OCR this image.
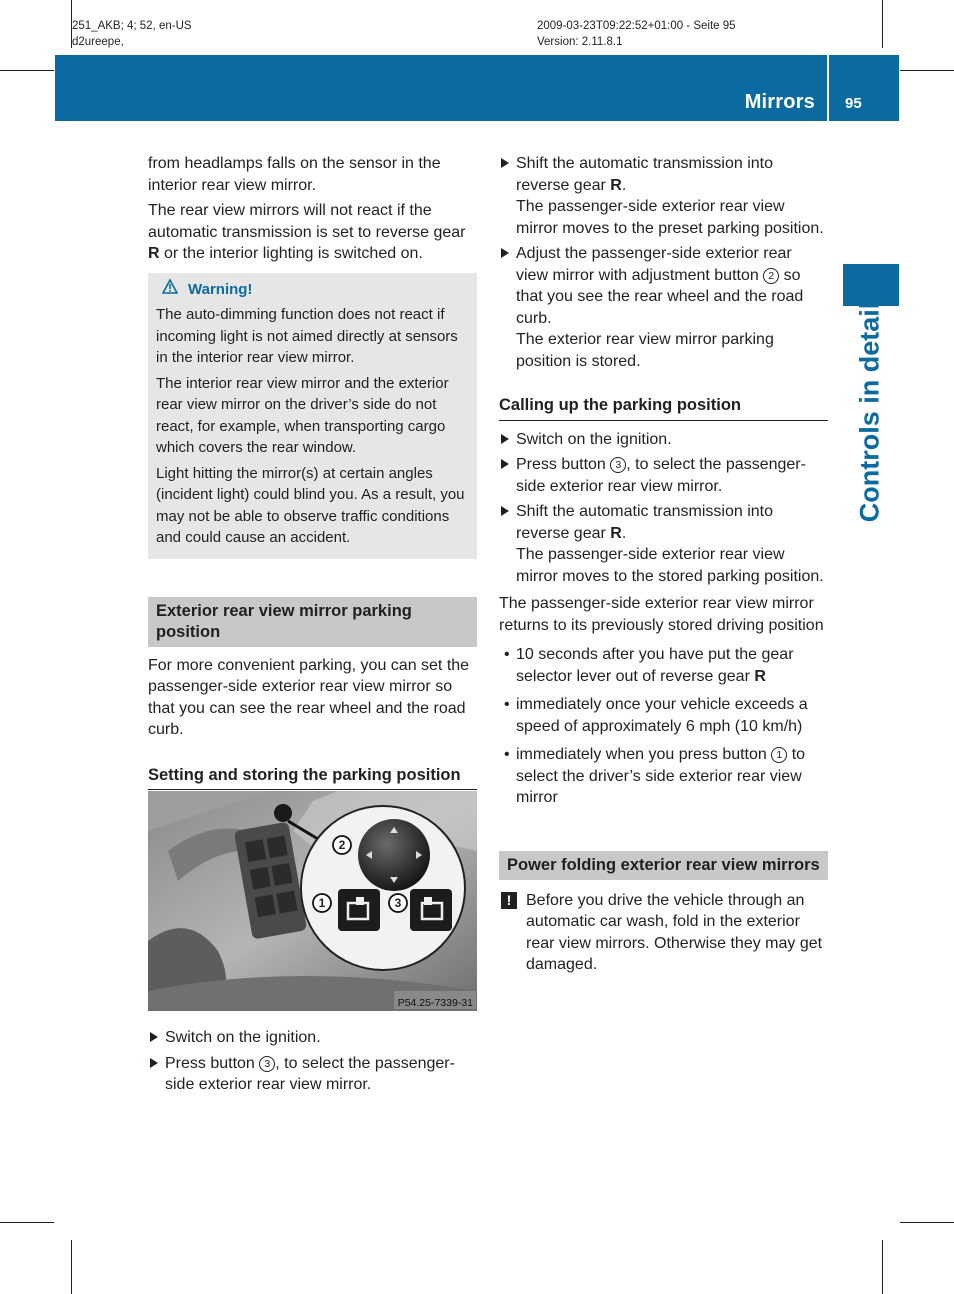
251_AKB; 4; 52, en-US
d2ureepe,
2009-03-23T09:22:52+01:00 - Seite 95
Version: 2.11.8.1
Mirrors 95
Controls in detail

from headlamps falls on the sensor in the interior rear view mirror.

The rear view mirrors will not react if the automatic transmission is set to reverse gear R or the interior lighting is switched on.

Warning!

The auto-dimming function does not react if incoming light is not aimed directly at sensors in the interior rear view mirror.

The interior rear view mirror and the exterior rear view mirror on the driver’s side do not react, for example, when transporting cargo which covers the rear window.

Light hitting the mirror(s) at certain angles (incident light) could blind you. As a result, you may not be able to observe traffic conditions and could cause an accident.

Exterior rear view mirror parking position

For more convenient parking, you can set the passenger-side exterior rear view mirror so that you can see the rear wheel and the road curb.

Setting and storing the parking position
2
1	3
P54.25-7339-31
Switch on the ignition.
Press button 3 , to select the passenger-side exterior rear view mirror.
Shift the automatic transmission into reverse gear R.
The passenger-side exterior rear view mirror moves to the preset parking position.
Adjust the passenger-side exterior rear view mirror with adjustment button 2 so that you see the rear wheel and the road curb.
The exterior rear view mirror parking position is stored.
Calling up the parking position
Switch on the ignition.
Press button 3 , to select the passenger-side exterior rear view mirror.
Shift the automatic transmission into reverse gear R.
The passenger-side exterior rear view mirror moves to the stored parking position.

The passenger-side exterior rear view mirror returns to its previously stored driving position

• 10 seconds after you have put the gear selector lever out of reverse gear R
• immediately once your vehicle exceeds a speed of approximately 6 mph (10 km/h)
• immediately when you press button 1 to select the driver’s side exterior rear view mirror
Power folding exterior rear view mirrors
! Before you drive the vehicle through an automatic car wash, fold in the exterior rear view mirrors. Otherwise they may get damaged.
